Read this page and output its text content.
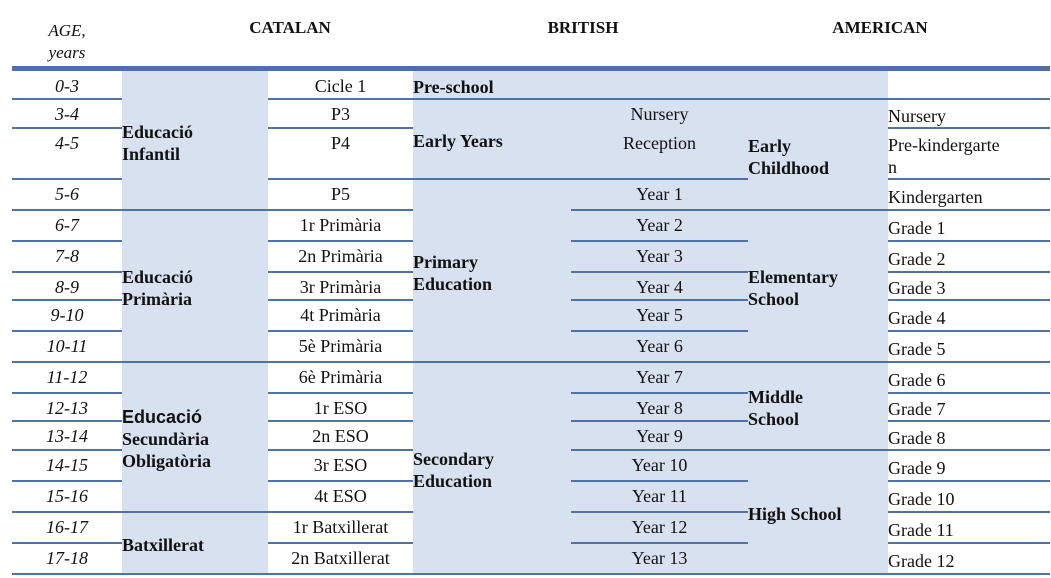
AGE,
years
CATALAN	BRITISH	AMERICAN
0-3
3-4
4-5
5-6
6-7
7-8
8-9
9-10
10-11
11-12
12-13
13-14
14-15
15-16
16-17
17-18
Educació
Infantil
Educació
Primària
Educació
Secundària
Obligatòria
Batxillerat
Cicle 1
P3
P4
P5
1r Primària
2n Primària
3r Primària
4t Primària
5è Primària
6è Primària
1r ESO
2n ESO
3r ESO
4t ESO
1r Batxillerat
2n Batxillerat
Pre-school
Early Years
Primary
Education
Secondary
Education
Nursery
Reception
Year 1
Year 2
Year 3
Year 4
Year 5
Year 6
Year 7
Year 8
Year 9
Year 10
Year 11
Year 12
Year 13
Early
Childhood
Elementary
School
Middle
School
High School
Nursery
Pre-kindergarte
n
Kindergarten
Grade 1
Grade 2
Grade 3
Grade 4
Grade 5
Grade 6
Grade 7
Grade 8
Grade 9
Grade 10
Grade 11
Grade 12
